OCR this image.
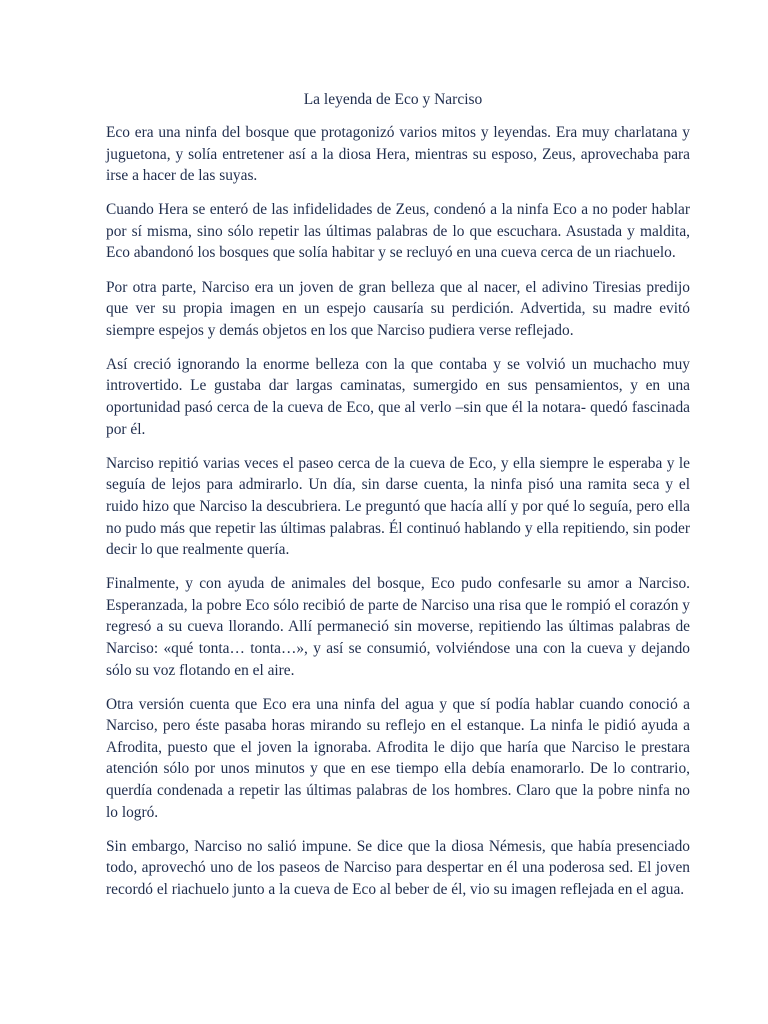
La leyenda de Eco y Narciso

Eco era una ninfa del bosque que protagonizó varios mitos y leyendas. Era muy charlatana y juguetona, y solía entretener así a la diosa Hera, mientras su esposo, Zeus, aprovechaba para irse a hacer de las suyas.

Cuando Hera se enteró de las infidelidades de Zeus, condenó a la ninfa Eco a no poder hablar por sí misma, sino sólo repetir las últimas palabras de lo que escuchara. Asustada y maldita, Eco abandonó los bosques que solía habitar y se recluyó en una cueva cerca de un riachuelo.

Por otra parte, Narciso era un joven de gran belleza que al nacer, el adivino Tiresias predijo que ver su propia imagen en un espejo causaría su perdición. Advertida, su madre evitó siempre espejos y demás objetos en los que Narciso pudiera verse reflejado.

Así creció ignorando la enorme belleza con la que contaba y se volvió un muchacho muy introvertido. Le gustaba dar largas caminatas, sumergido en sus pensamientos, y en una oportunidad pasó cerca de la cueva de Eco, que al verlo –sin que él la notara- quedó fascinada por él.

Narciso repitió varias veces el paseo cerca de la cueva de Eco, y ella siempre le esperaba y le seguía de lejos para admirarlo. Un día, sin darse cuenta, la ninfa pisó una ramita seca y el ruido hizo que Narciso la descubriera. Le preguntó que hacía allí y por qué lo seguía, pero ella no pudo más que repetir las últimas palabras. Él continuó hablando y ella repitiendo, sin poder decir lo que realmente quería.

Finalmente, y con ayuda de animales del bosque, Eco pudo confesarle su amor a Narciso. Esperanzada, la pobre Eco sólo recibió de parte de Narciso una risa que le rompió el corazón y regresó a su cueva llorando. Allí permaneció sin moverse, repitiendo las últimas palabras de Narciso: «qué tonta… tonta…», y así se consumió, volviéndose una con la cueva y dejando sólo su voz flotando en el aire.

Otra versión cuenta que Eco era una ninfa del agua y que sí podía hablar cuando conoció a Narciso, pero éste pasaba horas mirando su reflejo en el estanque. La ninfa le pidió ayuda a Afrodita, puesto que el joven la ignoraba. Afrodita le dijo que haría que Narciso le prestara atención sólo por unos minutos y que en ese tiempo ella debía enamorarlo. De lo contrario, querdía condenada a repetir las últimas palabras de los hombres. Claro que la pobre ninfa no lo logró.

Sin embargo, Narciso no salió impune. Se dice que la diosa Némesis, que había presenciado todo, aprovechó uno de los paseos de Narciso para despertar en él una poderosa sed. El joven recordó el riachuelo junto a la cueva de Eco al beber de él, vio su imagen reflejada en el agua.
